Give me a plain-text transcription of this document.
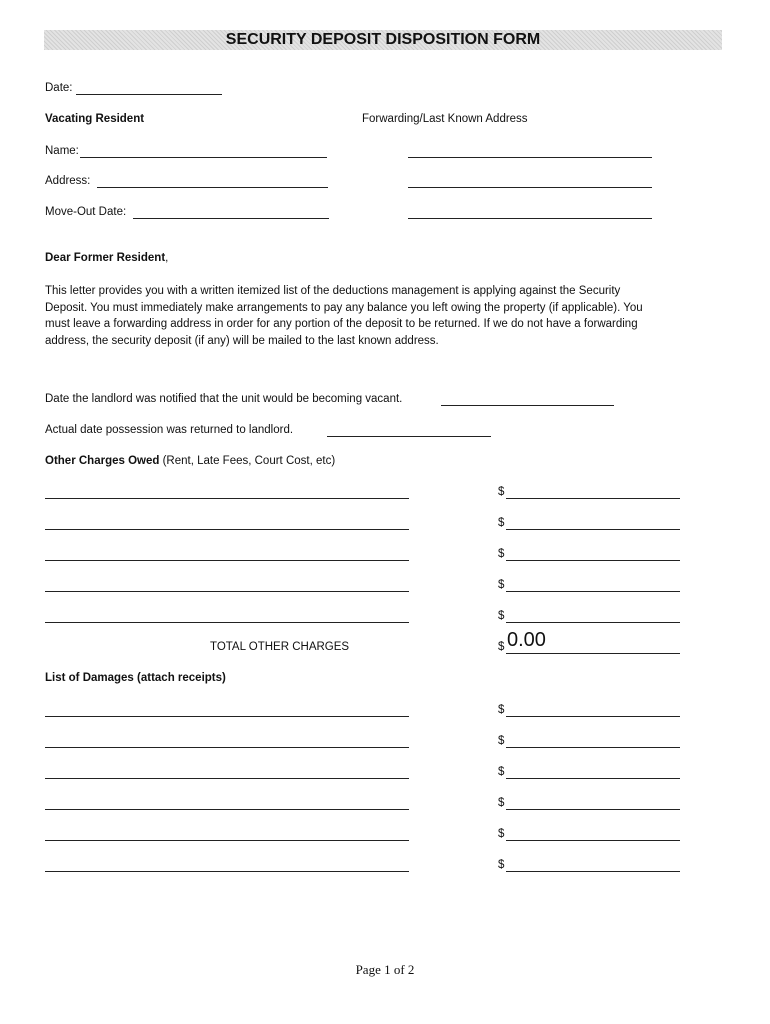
SECURITY DEPOSIT DISPOSITION FORM
Date:
Vacating Resident	Forwarding/Last Known Address
Name:
Address:
Move-Out Date:
Dear Former Resident,
This letter provides you with a written itemized list of the deductions management is applying against the Security
Deposit. You must immediately make arrangements to pay any balance you left owing the property (if applicable). You
must leave a forwarding address in order for any portion of the deposit to be returned. If we do not have a forwarding
address, the security deposit (if any) will be mailed to the last known address.
Date the landlord was notified that the unit would be becoming vacant.
Actual date possession was returned to landlord.
Other Charges Owed (Rent, Late Fees, Court Cost, etc)
$
$
$
$
$
TOTAL OTHER CHARGES	$ 0.00
List of Damages (attach receipts)
$
$
$
$
$
$
Page 1 of 2
